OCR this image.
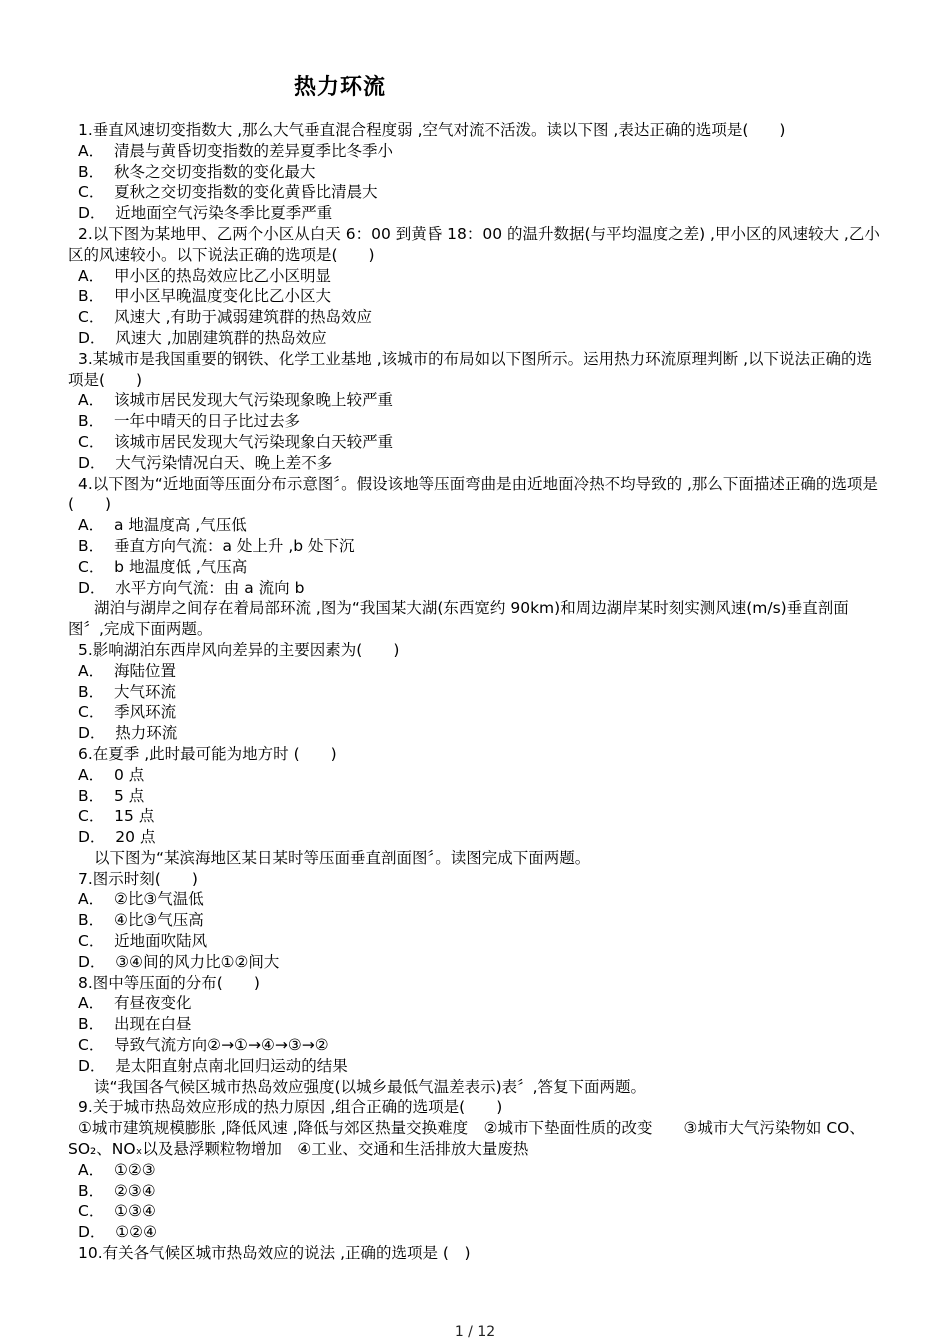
热力环流
1.垂直风速切变指数大 ,那么大气垂直混合程度弱 ,空气对流不活泼。读以下图 ,表达正确的选项是(　　)
A．  清晨与黄昏切变指数的差异夏季比冬季小
B．  秋冬之交切变指数的变化最大
C．  夏秋之交切变指数的变化黄昏比清晨大
D．  近地面空气污染冬季比夏季严重
2.以下图为某地甲、乙两个小区从白天 6：00 到黄昏 18：00 的温升数据(与平均温度之差) ,甲小区的风速较大 ,乙小区的风速较小。以下说法正确的选项是(　　)
A．  甲小区的热岛效应比乙小区明显
B．  甲小区早晚温度变化比乙小区大
C．  风速大 ,有助于减弱建筑群的热岛效应
D．  风速大 ,加剧建筑群的热岛效应
3.某城市是我国重要的钢铁、化学工业基地 ,该城市的布局如以下图所示。运用热力环流原理判断 ,以下说法正确的选项是(　　)
A．  该城市居民发现大气污染现象晚上较严重
B．  一年中晴天的日子比过去多
C．  该城市居民发现大气污染现象白天较严重
D．  大气污染情况白天、晚上差不多
4.以下图为“近地面等压面分布示意图〞。假设该地等压面弯曲是由近地面冷热不均导致的 ,那么下面描述正确的选项是(　　)
A．  a 地温度高 ,气压低
B．  垂直方向气流：a 处上升 ,b 处下沉
C．  b 地温度低 ,气压高
D．  水平方向气流：由 a 流向 b
湖泊与湖岸之间存在着局部环流 ,图为“我国某大湖(东西宽约 90km)和周边湖岸某时刻实测风速(m/s)垂直剖面图〞,完成下面两题。
5.影响湖泊东西岸风向差异的主要因素为(　　)
A．  海陆位置
B．  大气环流
C．  季风环流
D．  热力环流
6.在夏季 ,此时最可能为地方时 (　　)
A．  0 点
B．  5 点
C．  15 点
D．  20 点
以下图为“某滨海地区某日某时等压面垂直剖面图〞。读图完成下面两题。
7.图示时刻(　　)
A．  ②比③气温低
B．  ④比③气压高
C．  近地面吹陆风
D．  ③④间的风力比①②间大
8.图中等压面的分布(　　)
A．  有昼夜变化
B．  出现在白昼
C．  导致气流方向②→①→④→③→②
D．  是太阳直射点南北回归运动的结果
读“我国各气候区城市热岛效应强度(以城乡最低气温差表示)表〞,答复下面两题。
9.关于城市热岛效应形成的热力原因 ,组合正确的选项是(　　)
①城市建筑规模膨胀 ,降低风速 ,降低与郊区热量交换难度　②城市下垫面性质的改变　　③城市大气污染物如 CO、SO₂、NOₓ以及悬浮颗粒物增加　④工业、交通和生活排放大量废热
A．  ①②③
B．  ②③④
C．  ①③④
D．  ①②④
10.有关各气候区城市热岛效应的说法 ,正确的选项是 (　)
1 / 12
